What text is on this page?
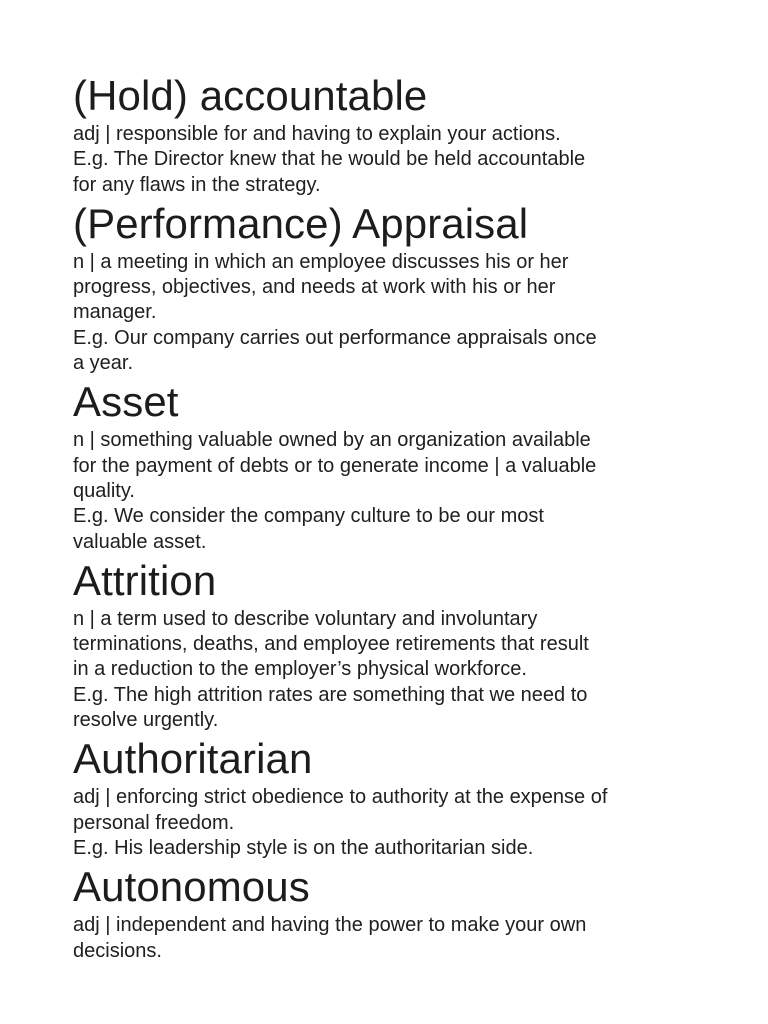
(Hold) accountable

adj | responsible for and having to explain your actions.

E.g. The Director knew that he would be held accountable

for any flaws in the strategy.

(Performance) Appraisal

n | a meeting in which an employee discusses his or her

progress, objectives, and needs at work with his or her

manager.

E.g. Our company carries out performance appraisals once

a year.

Asset

n | something valuable owned by an organization available

for the payment of debts or to generate income | a valuable

quality.

E.g. We consider the company culture to be our most

valuable asset.

Attrition

n | a term used to describe voluntary and involuntary

terminations, deaths, and employee retirements that result

in a reduction to the employer’s physical workforce.

E.g. The high attrition rates are something that we need to

resolve urgently.

Authoritarian

adj | enforcing strict obedience to authority at the expense of

personal freedom.

E.g. His leadership style is on the authoritarian side.

Autonomous

adj | independent and having the power to make your own

decisions.
